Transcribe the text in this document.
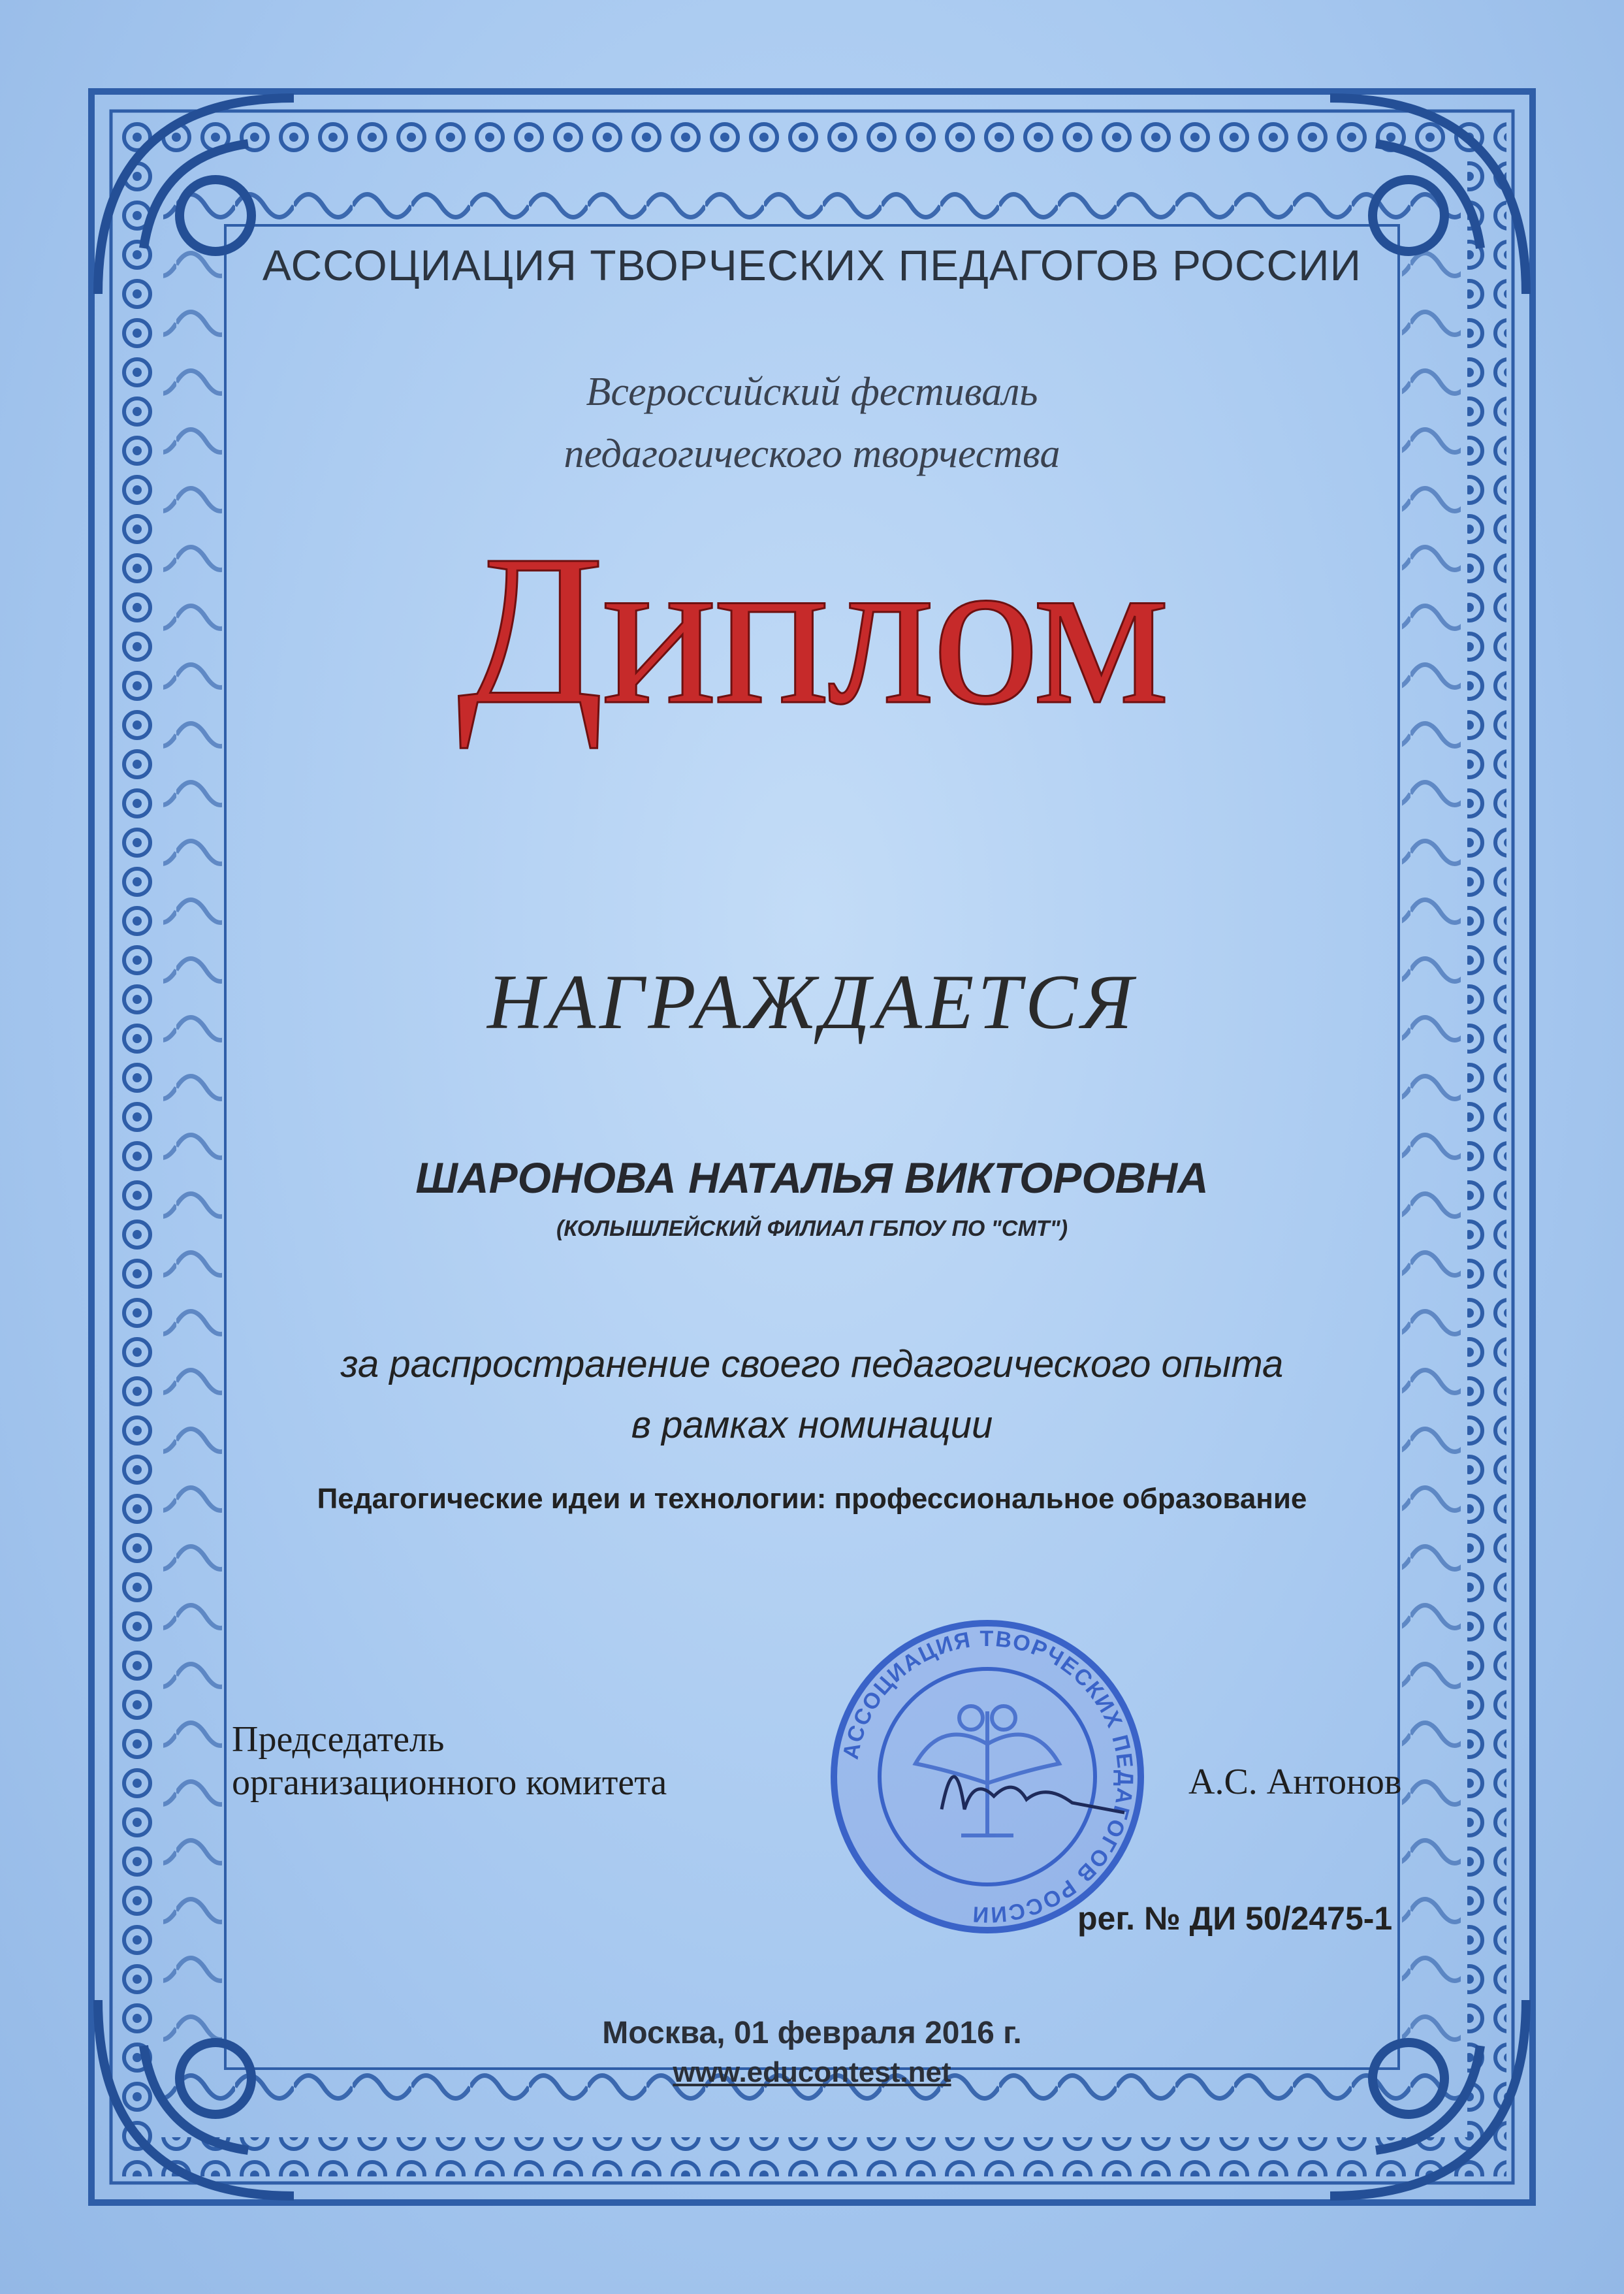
АССОЦИАЦИЯ ТВОРЧЕСКИХ ПЕДАГОГОВ РОССИИ
Всероссийский фестиваль
педагогического творчества
Диплом
НАГРАЖДАЕТСЯ
ШАРОНОВА НАТАЛЬЯ ВИКТОРОВНА
(КОЛЫШЛЕЙСКИЙ ФИЛИАЛ ГБПОУ ПО "СМТ")
за распространение своего педагогического опыта
в рамках номинации
Педагогические идеи и технологии: профессиональное образование
Председатель
организационного комитета
АССОЦИАЦИЯ ТВОРЧЕСКИХ ПЕДАГОГОВ РОССИИ
А.С. Антонов
рег. № ДИ 50/2475-1
Москва, 01 февраля 2016 г.
www.educontest.net
